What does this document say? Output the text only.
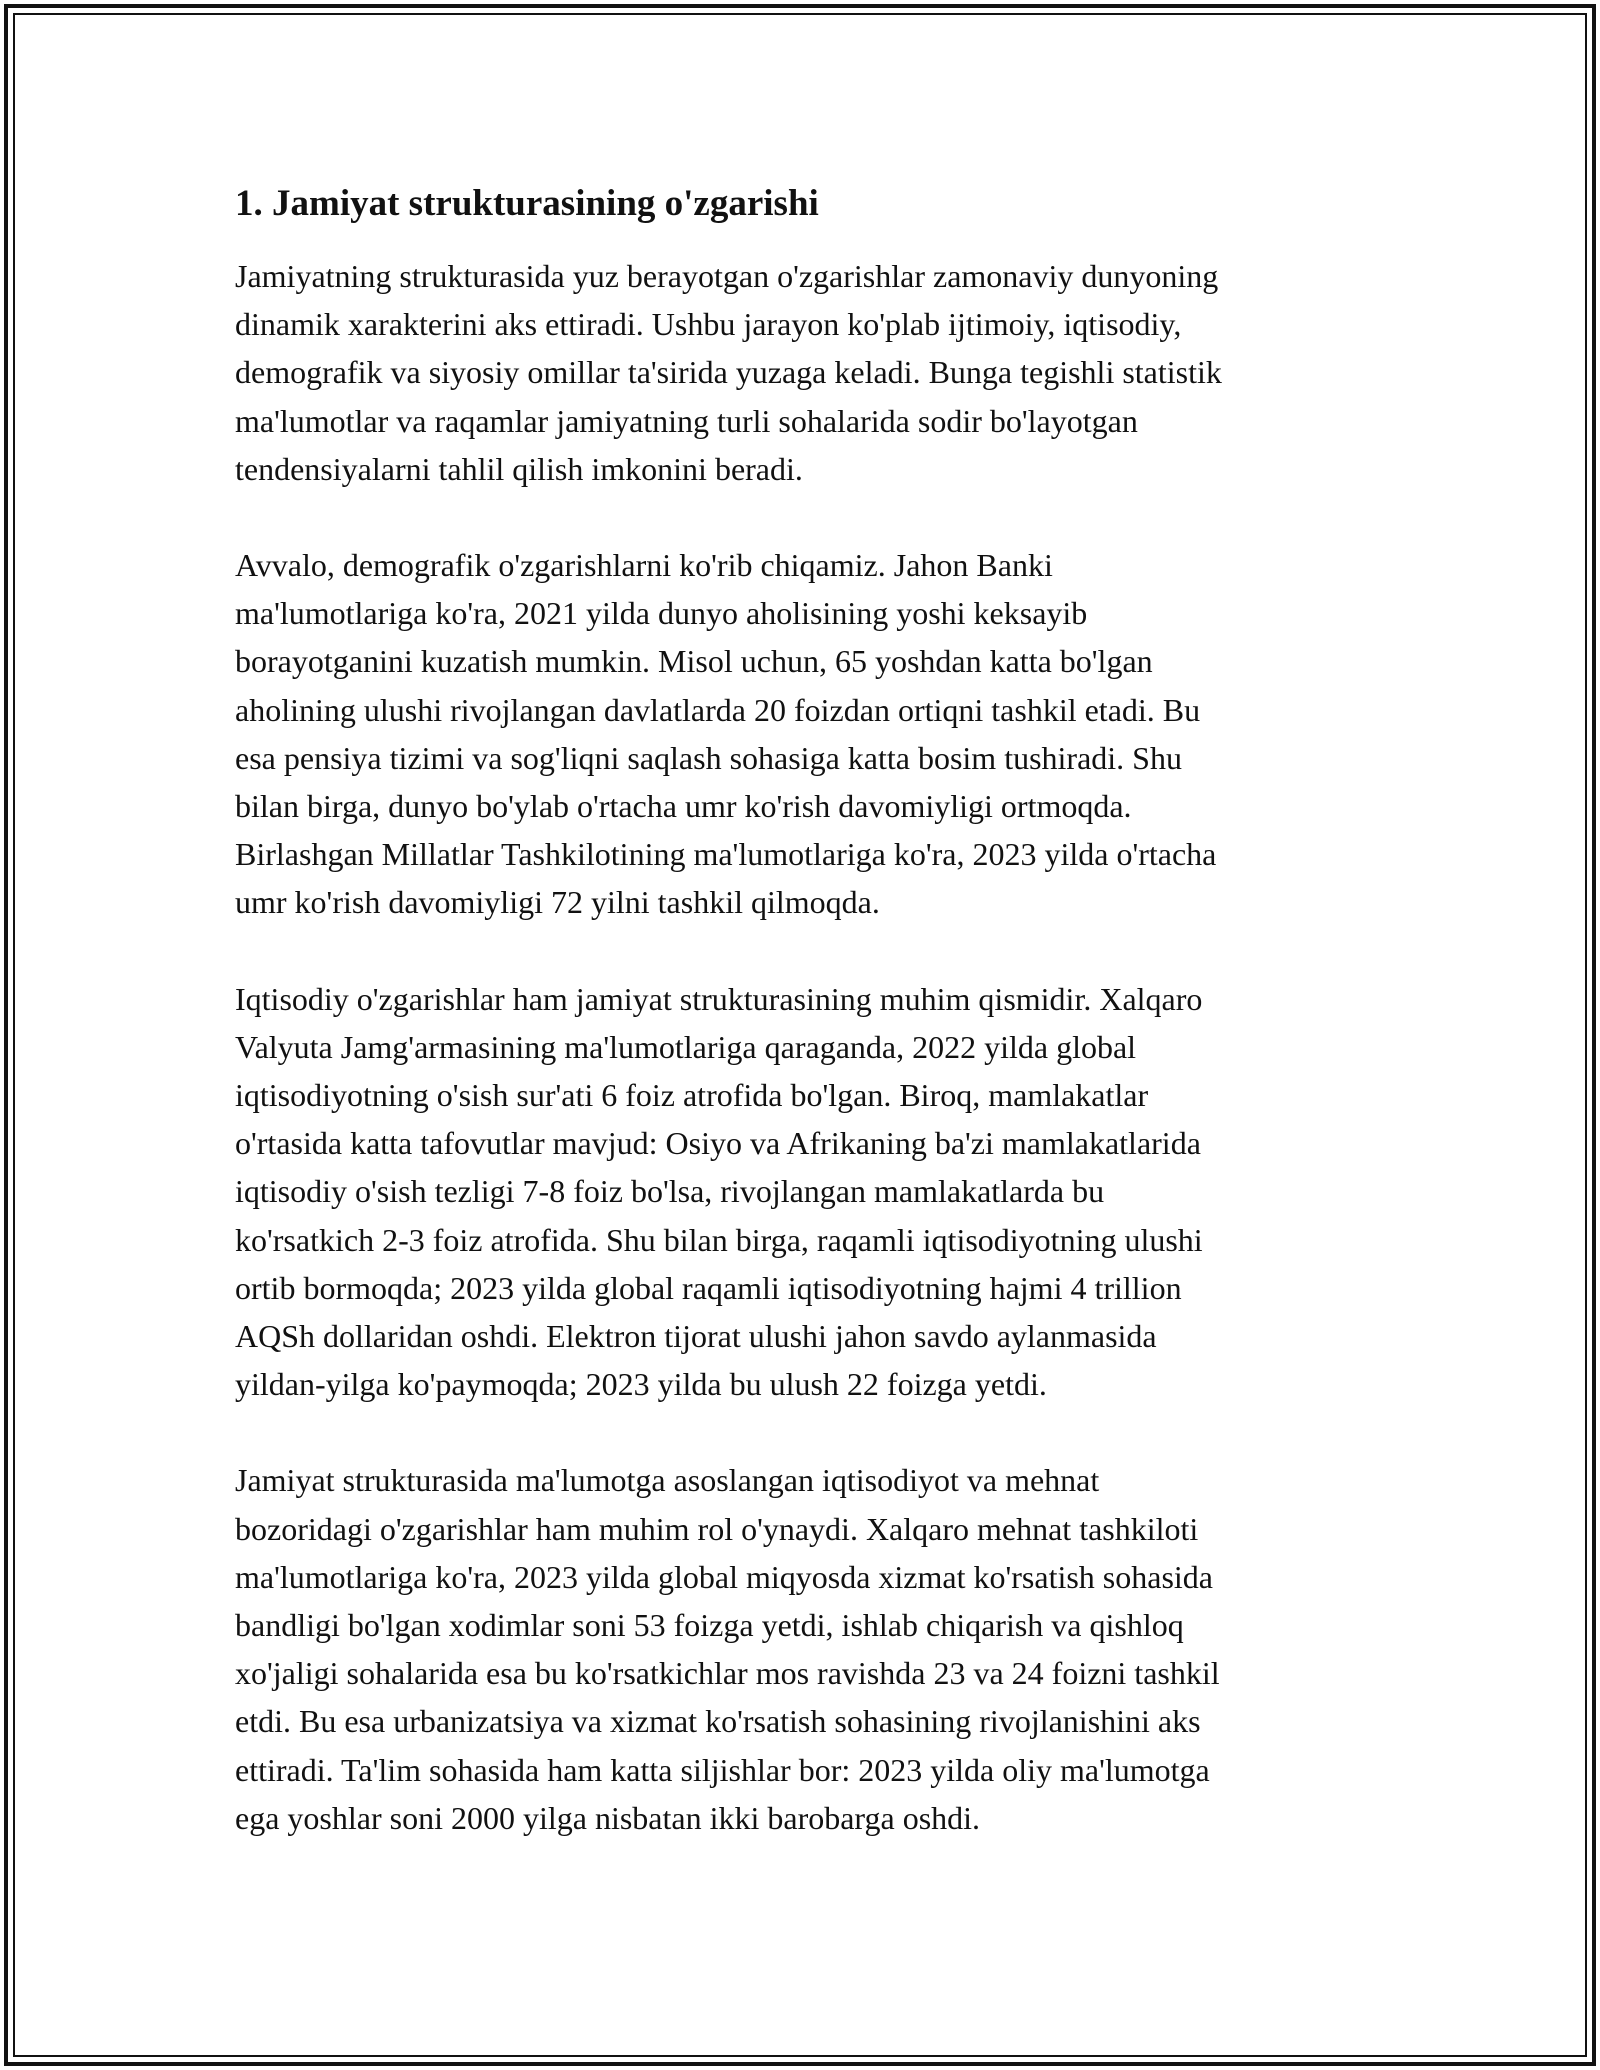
1. Jamiyat strukturasining o'zgarishi

Jamiyatning strukturasida yuz berayotgan o'zgarishlar zamonaviy dunyoning
dinamik xarakterini aks ettiradi. Ushbu jarayon ko'plab ijtimoiy, iqtisodiy,
demografik va siyosiy omillar ta'sirida yuzaga keladi. Bunga tegishli statistik
ma'lumotlar va raqamlar jamiyatning turli sohalarida sodir bo'layotgan
tendensiyalarni tahlil qilish imkonini beradi.

Avvalo, demografik o'zgarishlarni ko'rib chiqamiz. Jahon Banki
ma'lumotlariga ko'ra, 2021 yilda dunyo aholisining yoshi keksayib
borayotganini kuzatish mumkin. Misol uchun, 65 yoshdan katta bo'lgan
aholining ulushi rivojlangan davlatlarda 20 foizdan ortiqni tashkil etadi. Bu
esa pensiya tizimi va sog'liqni saqlash sohasiga katta bosim tushiradi. Shu
bilan birga, dunyo bo'ylab o'rtacha umr ko'rish davomiyligi ortmoqda.
Birlashgan Millatlar Tashkilotining ma'lumotlariga ko'ra, 2023 yilda o'rtacha
umr ko'rish davomiyligi 72 yilni tashkil qilmoqda.

Iqtisodiy o'zgarishlar ham jamiyat strukturasining muhim qismidir. Xalqaro
Valyuta Jamg'armasining ma'lumotlariga qaraganda, 2022 yilda global
iqtisodiyotning o'sish sur'ati 6 foiz atrofida bo'lgan. Biroq, mamlakatlar
o'rtasida katta tafovutlar mavjud: Osiyo va Afrikaning ba'zi mamlakatlarida
iqtisodiy o'sish tezligi 7-8 foiz bo'lsa, rivojlangan mamlakatlarda bu
ko'rsatkich 2-3 foiz atrofida. Shu bilan birga, raqamli iqtisodiyotning ulushi
ortib bormoqda; 2023 yilda global raqamli iqtisodiyotning hajmi 4 trillion
AQSh dollaridan oshdi. Elektron tijorat ulushi jahon savdo aylanmasida
yildan-yilga ko'paymoqda; 2023 yilda bu ulush 22 foizga yetdi.

Jamiyat strukturasida ma'lumotga asoslangan iqtisodiyot va mehnat
bozoridagi o'zgarishlar ham muhim rol o'ynaydi. Xalqaro mehnat tashkiloti
ma'lumotlariga ko'ra, 2023 yilda global miqyosda xizmat ko'rsatish sohasida
bandligi bo'lgan xodimlar soni 53 foizga yetdi, ishlab chiqarish va qishloq
xo'jaligi sohalarida esa bu ko'rsatkichlar mos ravishda 23 va 24 foizni tashkil
etdi. Bu esa urbanizatsiya va xizmat ko'rsatish sohasining rivojlanishini aks
ettiradi. Ta'lim sohasida ham katta siljishlar bor: 2023 yilda oliy ma'lumotga
ega yoshlar soni 2000 yilga nisbatan ikki barobarga oshdi.
